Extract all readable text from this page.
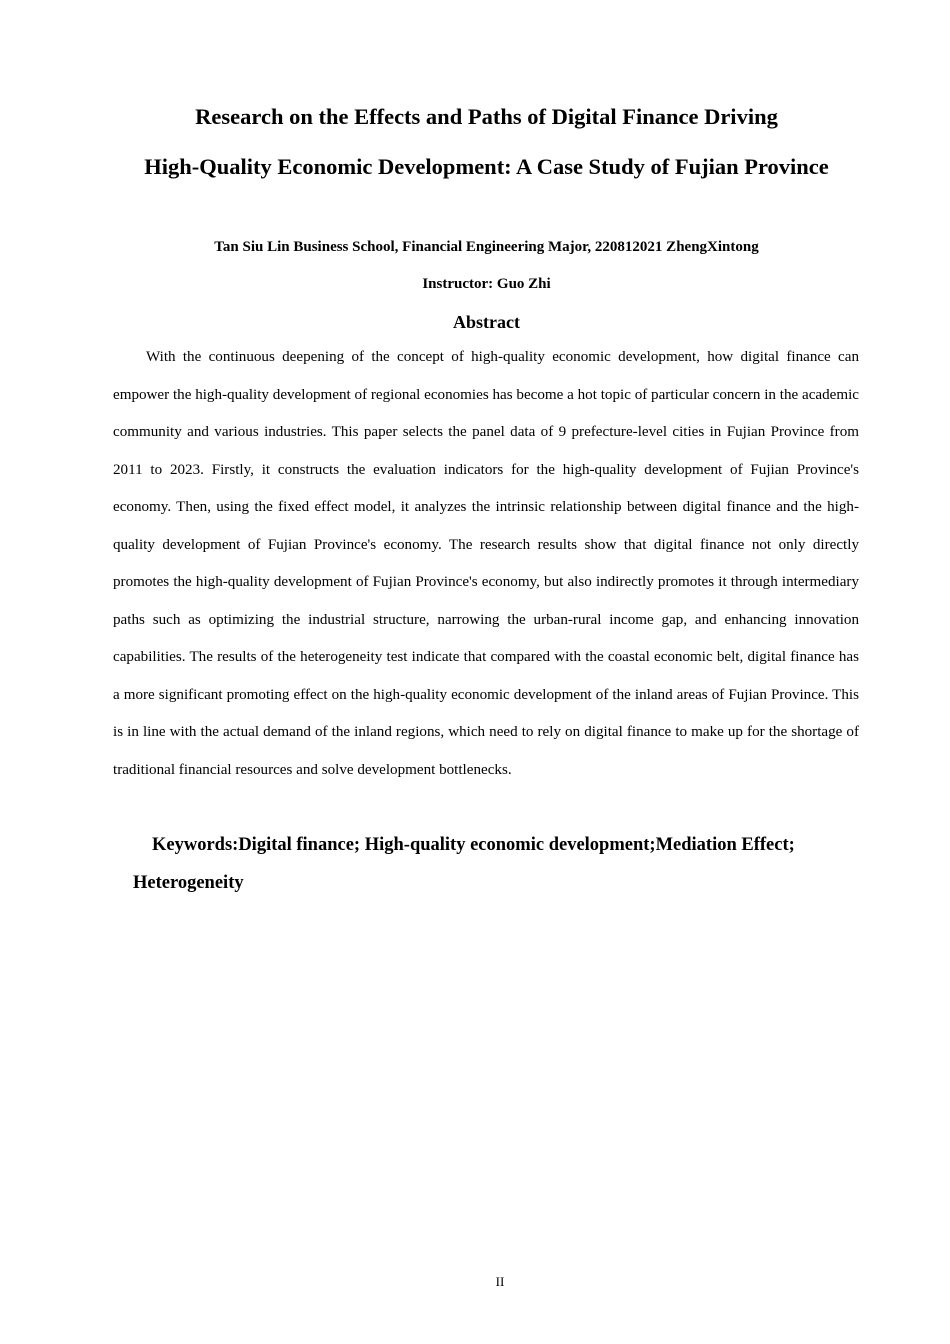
Research on the Effects and Paths of Digital Finance Driving
High-Quality Economic Development: A Case Study of Fujian Province
Tan Siu Lin Business School, Financial Engineering Major, 220812021 ZhengXintong
Instructor: Guo Zhi
Abstract

With the continuous deepening of the concept of high-quality economic development, how digital finance can empower the high-quality development of regional economies has become a hot topic of particular concern in the academic community and various industries. This paper selects the panel data of 9 prefecture-level cities in Fujian Province from 2011 to 2023. Firstly, it constructs the evaluation indicators for the high-quality development of Fujian Province's economy. Then, using the fixed effect model, it analyzes the intrinsic relationship between digital finance and the high-quality development of Fujian Province's economy. The research results show that digital finance not only directly promotes the high-quality development of Fujian Province's economy, but also indirectly promotes it through intermediary paths such as optimizing the industrial structure, narrowing the urban-rural income gap, and enhancing innovation capabilities. The results of the heterogeneity test indicate that compared with the coastal economic belt, digital finance has a more significant promoting effect on the high-quality economic development of the inland areas of Fujian Province. This is in line with the actual demand of the inland regions, which need to rely on digital finance to make up for the shortage of traditional financial resources and solve development bottlenecks.

Keywords:Digital finance; High-quality economic development;Mediation Effect; Heterogeneity

II
